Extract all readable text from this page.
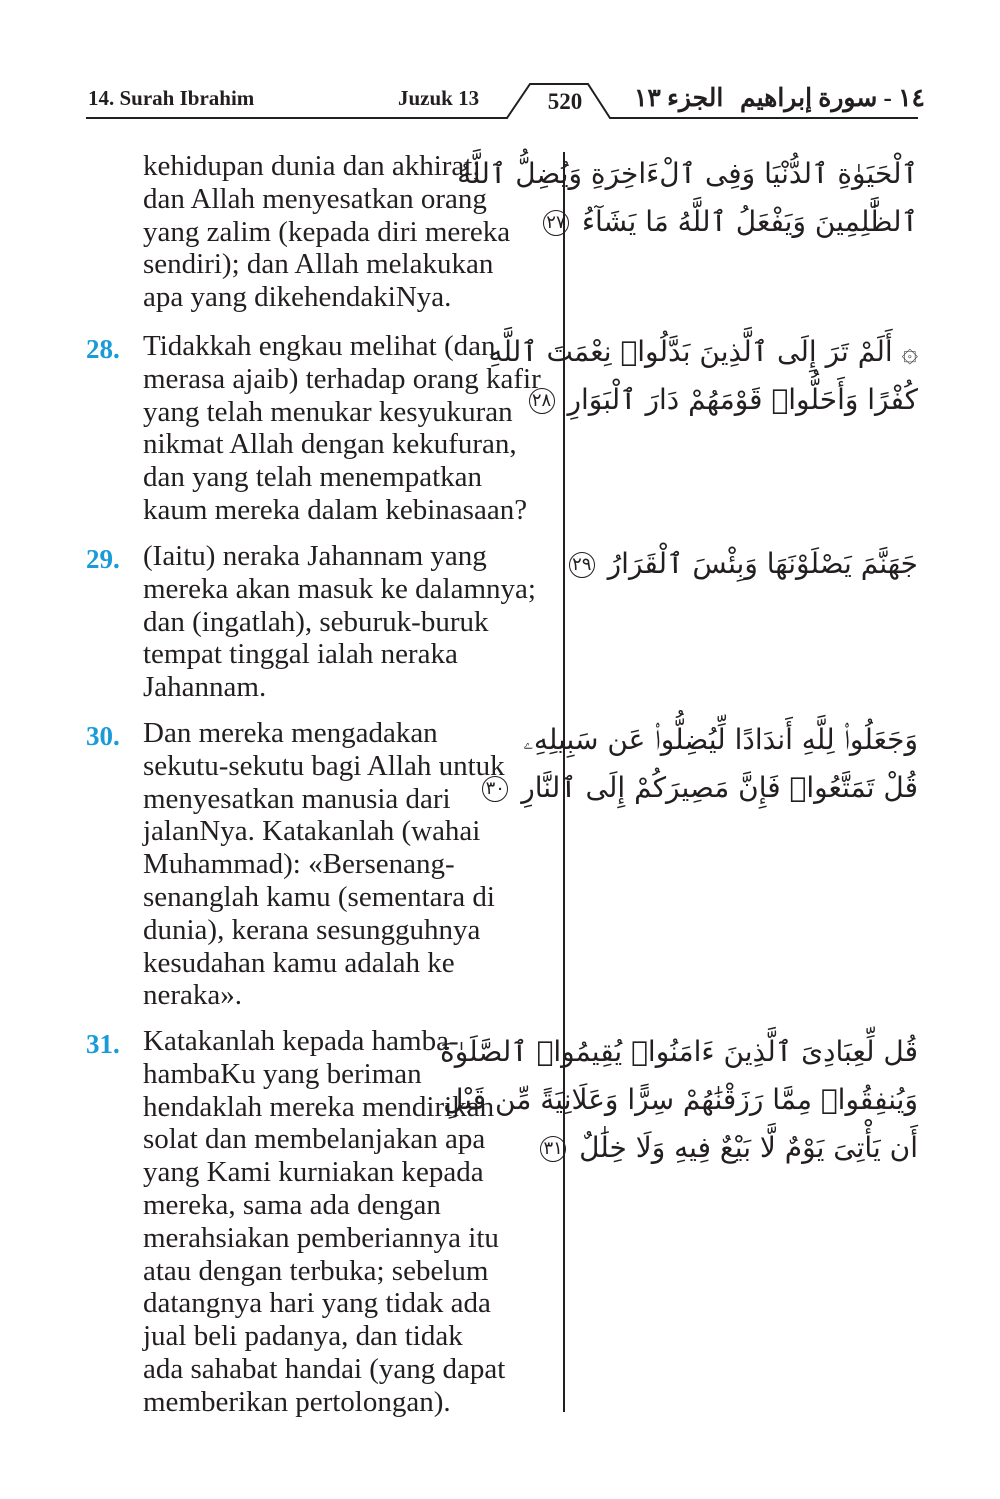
14. Surah Ibrahim	Juzuk 13	520	الجزء ١٣ ١٤ - سورة إبراهيم
kehidupan dunia dan akhirat;
dan Allah menyesatkan orang
yang zalim (kepada diri mereka
sendiri); dan Allah melakukan
apa yang dikehendakiNya.
ٱلْحَيَوٰةِ ٱلدُّنْيَا وَفِى ٱلْءَاخِرَةِ وَيُضِلُّ ٱللَّهُ
ٱلظَّٰلِمِينَ وَيَفْعَلُ ٱللَّهُ مَا يَشَآءُ ٢٧
28. Tidakkah engkau melihat (dan
merasa ajaib) terhadap orang kafir
yang telah menukar kesyukuran
nikmat Allah dengan kekufuran,
dan yang telah menempatkan
kaum mereka dalam kebinasaan?
۞ أَلَمْ تَرَ إِلَى ٱلَّذِينَ بَدَّلُوا۟ نِعْمَتَ ٱللَّهِ
كُفْرًا وَأَحَلُّوا۟ قَوْمَهُمْ دَارَ ٱلْبَوَارِ ٢٨
29. (Iaitu) neraka Jahannam yang
mereka akan masuk ke dalamnya;
dan (ingatlah), seburuk-buruk
tempat tinggal ialah neraka
Jahannam.
جَهَنَّمَ يَصْلَوْنَهَا وَبِئْسَ ٱلْقَرَارُ ٢٩
30. Dan mereka mengadakan
sekutu-sekutu bagi Allah untuk
menyesatkan manusia dari
jalanNya. Katakanlah (wahai
Muhammad): «Bersenang-
senanglah kamu (sementara di
dunia), kerana sesungguhnya
kesudahan kamu adalah ke
neraka».
وَجَعَلُوا۟ لِلَّهِ أَندَادًا لِّيُضِلُّوا۟ عَن سَبِيلِهِۦ
قُلْ تَمَتَّعُوا۟ فَإِنَّ مَصِيرَكُمْ إِلَى ٱلنَّارِ ٣٠
31. Katakanlah kepada hamba-
hambaKu yang beriman
hendaklah mereka mendirikan
solat dan membelanjakan apa
yang Kami kurniakan kepada
mereka, sama ada dengan
merahsiakan pemberiannya itu
atau dengan terbuka; sebelum
datangnya hari yang tidak ada
jual beli padanya, dan tidak
ada sahabat handai (yang dapat
memberikan pertolongan).
قُل لِّعِبَادِىَ ٱلَّذِينَ ءَامَنُوا۟ يُقِيمُوا۟ ٱلصَّلَوٰةَ
وَيُنفِقُوا۟ مِمَّا رَزَقْنَٰهُمْ سِرًّا وَعَلَانِيَةً مِّن قَبْلِ
أَن يَأْتِىَ يَوْمٌ لَّا بَيْعٌ فِيهِ وَلَا خِلَٰلٌ ٣١
